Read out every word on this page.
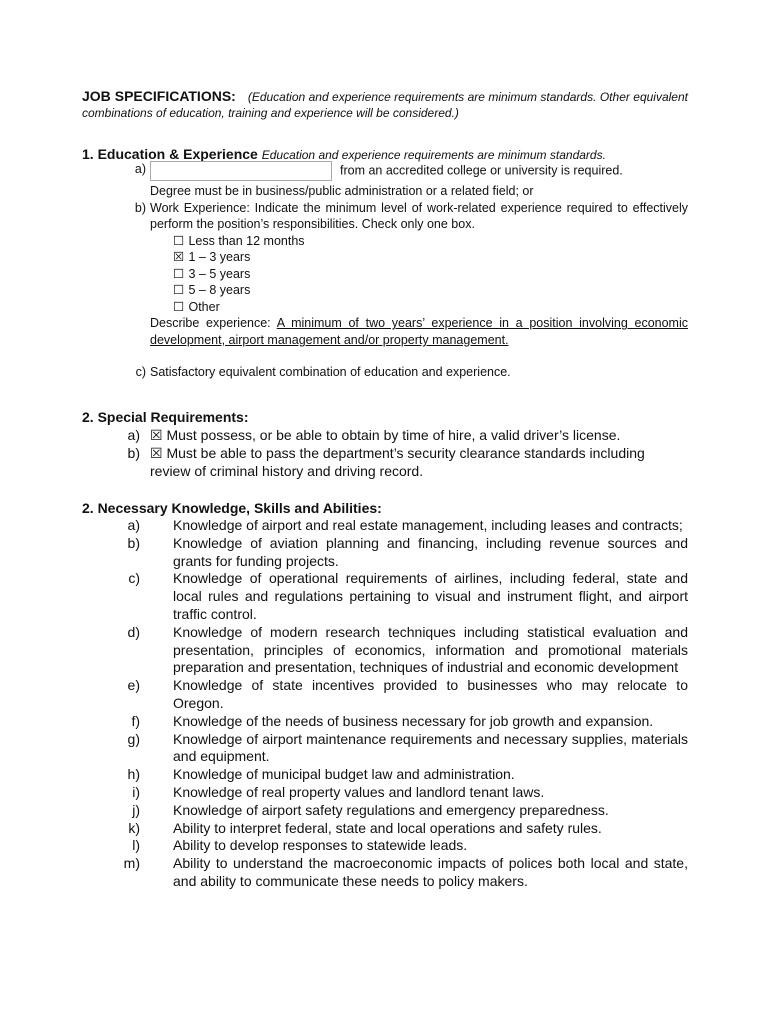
JOB SPECIFICATIONS: (Education and experience requirements are minimum standards. Other equivalent combinations of education, training and experience will be considered.)
1. Education & Experience Education and experience requirements are minimum standards.
a)	from an accredited college or university is required.
Degree must be in business/public administration or a related field; or
b) Work Experience: Indicate the minimum level of work-related experience required to effectively perform the position’s responsibilities. Check only one box.
☐ Less than 12 months
☒ 1 – 3 years
☐ 3 – 5 years
☐ 5 – 8 years
☐ Other
Describe experience: A minimum of two years’ experience in a position involving economic development, airport management and/or property management.
c) Satisfactory equivalent combination of education and experience.
2. Special Requirements:
a) ☒ Must possess, or be able to obtain by time of hire, a valid driver’s license.
b) ☒ Must be able to pass the department’s security clearance standards including review of criminal history and driving record.
2. Necessary Knowledge, Skills and Abilities:
a) Knowledge of airport and real estate management, including leases and contracts;
b) Knowledge of aviation planning and financing, including revenue sources and grants for funding projects.
c) Knowledge of operational requirements of airlines, including federal, state and local rules and regulations pertaining to visual and instrument flight, and airport traffic control.
d) Knowledge of modern research techniques including statistical evaluation and presentation, principles of economics, information and promotional materials preparation and presentation, techniques of industrial and economic development
e) Knowledge of state incentives provided to businesses who may relocate to Oregon.
f) Knowledge of the needs of business necessary for job growth and expansion.
g) Knowledge of airport maintenance requirements and necessary supplies, materials and equipment.
h) Knowledge of municipal budget law and administration.
i) Knowledge of real property values and landlord tenant laws.
j) Knowledge of airport safety regulations and emergency preparedness.
k) Ability to interpret federal, state and local operations and safety rules.
l) Ability to develop responses to statewide leads.
m) Ability to understand the macroeconomic impacts of polices both local and state, and ability to communicate these needs to policy makers.
